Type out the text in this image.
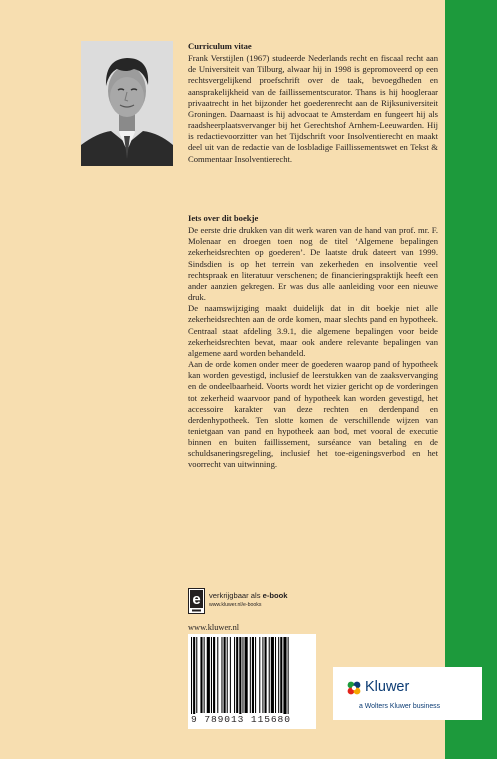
Curriculum vitae

Frank Verstijlen (1967) studeerde Nederlands recht en fiscaal recht aan de Universiteit van Tilburg, alwaar hij in 1998 is gepromoveerd op een rechtsvergelijkend proefschrift over de taak, bevoegdheden en aansprakelijkheid van de faillissementscurator. Thans is hij hoogleraar privaatrecht in het bijzonder het goederenrecht aan de Rijksuniversiteit Groningen. Daarnaast is hij advocaat te Amsterdam en fungeert hij als raadsheerplaatsvervanger bij het Gerechtshof Arnhem-Leeuwarden. Hij is redactievoorzitter van het Tijdschrift voor Insolventierecht en maakt deel uit van de redactie van de losbladige Faillissementswet en Tekst & Commentaar Insolventierecht.

Iets over dit boekje

De eerste drie drukken van dit werk waren van de hand van prof. mr. F. Molenaar en droegen toen nog de titel ‘Algemene bepalingen zekerheidsrechten op goederen’. De laatste druk dateert van 1999. Sindsdien is op het terrein van zekerheden en insolventie veel rechtspraak en literatuur verschenen; de financieringspraktijk heeft een ander aanzien gekregen. Er was dus alle aanleiding voor een nieuwe druk.

De naamswijziging maakt duidelijk dat in dit boekje niet alle zekerheidsrechten aan de orde komen, maar slechts pand en hypotheek. Centraal staat afdeling 3.9.1, die algemene bepalingen voor beide zekerheidsrechten bevat, maar ook andere relevante bepalingen van algemene aard worden behandeld.

Aan de orde komen onder meer de goederen waarop pand of hypotheek kan worden gevestigd, inclusief de leerstukken van de zaaksvervanging en de ondeelbaarheid. Voorts wordt het vizier gericht op de vorderingen tot zekerheid waarvoor pand of hypotheek kan worden gevestigd, het accessoire karakter van deze rechten en derdenpand en derdenhypotheek. Ten slotte komen de verschillende wijzen van tenietgaan van pand en hypotheek aan bod, met vooral de executie binnen en buiten faillissement, surséance van betaling en de schuldsaneringsregeling, inclusief het toe-eigeningsverbod en het voorrecht van uitwinning.

e verkrijgbaar als e-book
www.kluwer.nl/e-books
www.kluwer.nl
9 789013 115680
Kluwer
a Wolters Kluwer business
